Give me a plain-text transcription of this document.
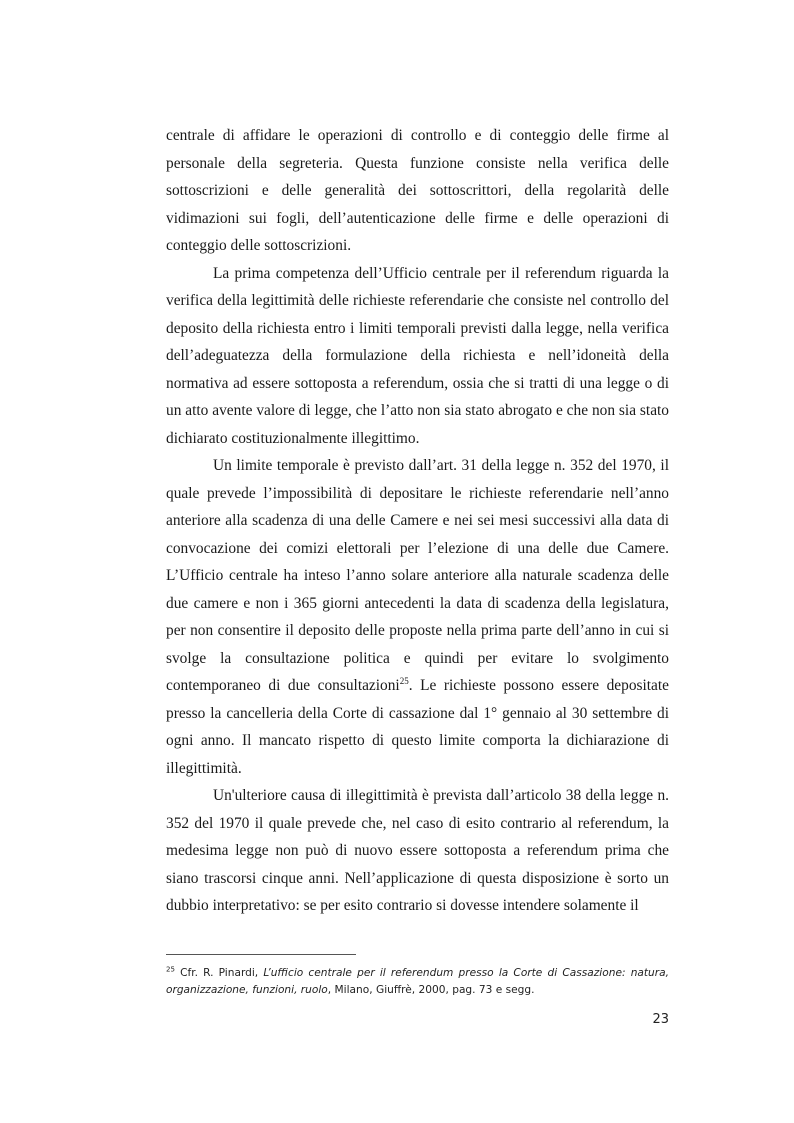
centrale di affidare le operazioni di controllo e di conteggio delle firme al personale della segreteria. Questa funzione consiste nella verifica delle sottoscrizioni e delle generalità dei sottoscrittori, della regolarità delle vidimazioni sui fogli, dell’autenticazione delle firme e delle operazioni di conteggio delle sottoscrizioni.

La prima competenza dell’Ufficio centrale per il referendum riguarda la verifica della legittimità delle richieste referendarie che consiste nel controllo del deposito della richiesta entro i limiti temporali previsti dalla legge, nella verifica dell’adeguatezza della formulazione della richiesta e nell’idoneità della normativa ad essere sottoposta a referendum, ossia che si tratti di una legge o di un atto avente valore di legge, che l’atto non sia stato abrogato e che non sia stato dichiarato costituzionalmente illegittimo.

Un limite temporale è previsto dall’art. 31 della legge n. 352 del 1970, il quale prevede l’impossibilità di depositare le richieste referendarie nell’anno anteriore alla scadenza di una delle Camere e nei sei mesi successivi alla data di convocazione dei comizi elettorali per l’elezione di una delle due Camere. L’Ufficio centrale ha inteso l’anno solare anteriore alla naturale scadenza delle due camere e non i 365 giorni antecedenti la data di scadenza della legislatura, per non consentire il deposito delle proposte nella prima parte dell’anno in cui si svolge la consultazione politica e quindi per evitare lo svolgimento contemporaneo di due consultazioni$^{25}$. Le richieste possono essere depositate presso la cancelleria della Corte di cassazione dal 1° gennaio al 30 settembre di ogni anno. Il mancato rispetto di questo limite comporta la dichiarazione di illegittimità.

Un'ulteriore causa di illegittimità è prevista dall’articolo 38 della legge n. 352 del 1970 il quale prevede che, nel caso di esito contrario al referendum, la medesima legge non può di nuovo essere sottoposta a referendum prima che siano trascorsi cinque anni. Nell’applicazione di questa disposizione è sorto un dubbio interpretativo: se per esito contrario si dovesse intendere solamente il

$^{25}$ Cfr. R. Pinardi, L’ufficio centrale per il referendum presso la Corte di Cassazione: natura, organizzazione, funzioni, ruolo, Milano, Giuffrè, 2000, pag. 73 e segg.
23
